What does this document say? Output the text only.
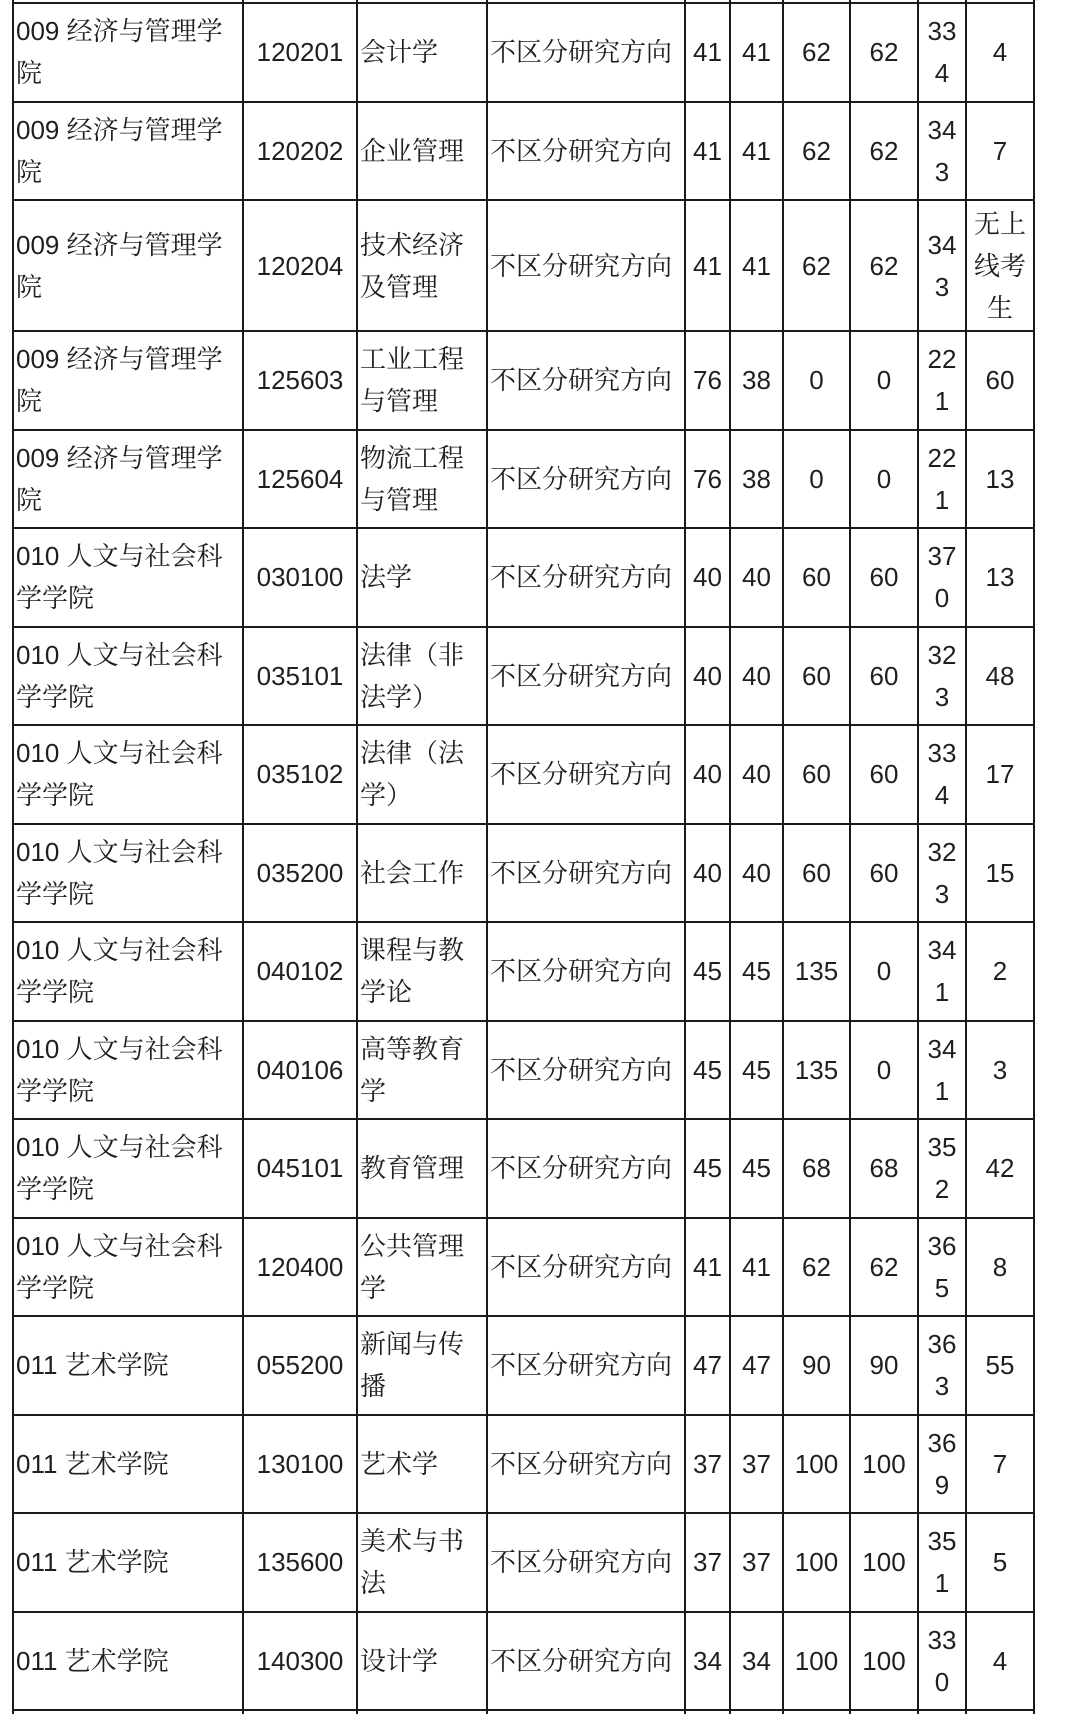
009 经济与管理学院	120201	会计学	不区分研究方向	41	41	62	62	334	4
009 经济与管理学院	120202	企业管理	不区分研究方向	41	41	62	62	343	7
009 经济与管理学院	120204	技术经济及管理	不区分研究方向	41	41	62	62	343	无上线考生
009 经济与管理学院	125603	工业工程与管理	不区分研究方向	76	38	0	0	221	60
009 经济与管理学院	125604	物流工程与管理	不区分研究方向	76	38	0	0	221	13
010 人文与社会科学学院	030100	法学	不区分研究方向	40	40	60	60	370	13
010 人文与社会科学学院	035101	法律（非法学）	不区分研究方向	40	40	60	60	323	48
010 人文与社会科学学院	035102	法律（法学）	不区分研究方向	40	40	60	60	334	17
010 人文与社会科学学院	035200	社会工作	不区分研究方向	40	40	60	60	323	15
010 人文与社会科学学院	040102	课程与教学论	不区分研究方向	45	45	135	0	341	2
010 人文与社会科学学院	040106	高等教育学	不区分研究方向	45	45	135	0	341	3
010 人文与社会科学学院	045101	教育管理	不区分研究方向	45	45	68	68	352	42
010 人文与社会科学学院	120400	公共管理学	不区分研究方向	41	41	62	62	365	8
011 艺术学院	055200	新闻与传播	不区分研究方向	47	47	90	90	363	55
011 艺术学院	130100	艺术学	不区分研究方向	37	37	100	100	369	7
011 艺术学院	135600	美术与书法	不区分研究方向	37	37	100	100	351	5
011 艺术学院	140300	设计学	不区分研究方向	34	34	100	100	330	4
